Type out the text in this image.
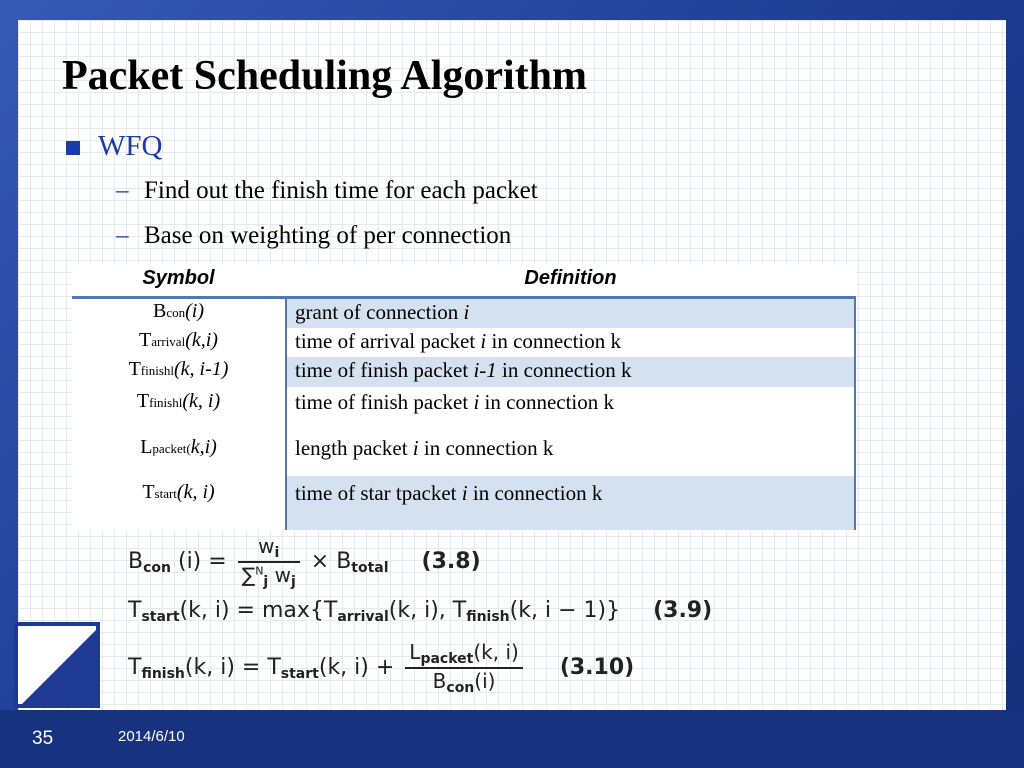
Packet Scheduling Algorithm
WFQ
– Find out the finish time for each packet
– Base on weighting of per connection
Symbol	Definition
Bcon(i)	grant of connection i
Tarrival(k,i)	time of arrival packet i in connection k
Tfinishl(k, i-1)	time of finish packet i-1 in connection k
Tfinishl(k, i)	time of finish packet i in connection k
Lpacket(k,i)	length packet i in connection k
Tstart(k, i)	time of star tpacket i in connection k
Bcon $(i) = \frac{w_i}{\sum^N_j w_j}$ × Btotal (3.8)
Tstart(k, i) = max{Tarrival(k, i), Tfinish(k, i − 1)} (3.9)
Tfinish(k, i) = Tstart(k, $i) + \frac{L_{packet}(k, i)}{B_{con}(i)} (3.10)$
35	2014/6/10
